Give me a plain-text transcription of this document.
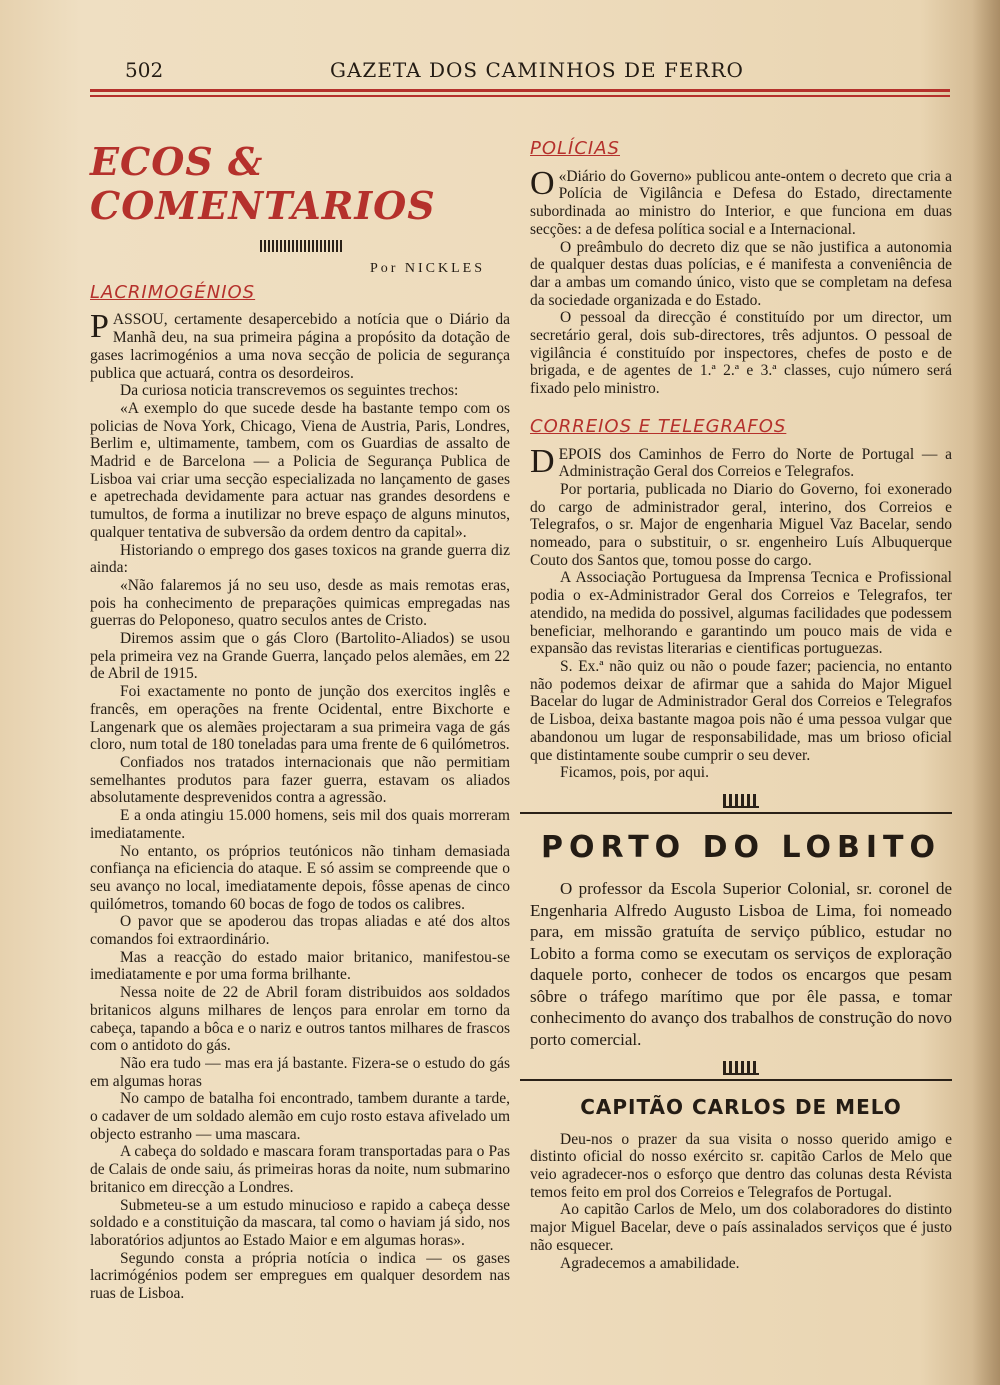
502	GAZETA DOS CAMINHOS DE FERRO
ECOS & COMENTARIOS
Por NICKLES
LACRIMOGÉNIOS

PASSOU, certamente desapercebido a notícia que o Diário da Manhã deu, na sua primeira página a propósito da dotação de gases lacrimogénios a uma nova secção de policia de segurança publica que actuará, contra os desordeiros.

Da curiosa noticia transcrevemos os seguintes trechos:

«A exemplo do que sucede desde ha bastante tempo com os policias de Nova York, Chicago, Viena de Austria, Paris, Londres, Berlim e, ultimamente, tambem, com os Guardias de assalto de Madrid e de Barcelona — a Policia de Segurança Publica de Lisboa vai criar uma secção especializada no lançamento de gases e apetrechada devidamente para actuar nas grandes desordens e tumultos, de forma a inutilizar no breve espaço de alguns minutos, qualquer tentativa de subversão da ordem dentro da capital».

Historiando o emprego dos gases toxicos na grande guerra diz ainda:

«Não falaremos já no seu uso, desde as mais remotas eras, pois ha conhecimento de preparações quimicas empregadas nas guerras do Peloponeso, quatro seculos antes de Cristo.

Diremos assim que o gás Cloro (Bartolito-Aliados) se usou pela primeira vez na Grande Guerra, lançado pelos alemães, em 22 de Abril de 1915.

Foi exactamente no ponto de junção dos exercitos inglês e francês, em operações na frente Ocidental, entre Bixchorte e Langenark que os alemães projectaram a sua primeira vaga de gás cloro, num total de 180 toneladas para uma frente de 6 quilómetros.

Confiados nos tratados internacionais que não permitiam semelhantes produtos para fazer guerra, estavam os aliados absolutamente desprevenidos contra a agressão.

E a onda atingiu 15.000 homens, seis mil dos quais morreram imediatamente.

No entanto, os próprios teutónicos não tinham demasiada confiança na eficiencia do ataque. E só assim se compreende que o seu avanço no local, imediatamente depois, fôsse apenas de cinco quilómetros, tomando 60 bocas de fogo de todos os calibres.

O pavor que se apoderou das tropas aliadas e até dos altos comandos foi extraordinário.

Mas a reacção do estado maior britanico, manifestou-se imediatamente e por uma forma brilhante.

Nessa noite de 22 de Abril foram distribuidos aos soldados britanicos alguns milhares de lenços para enrolar em torno da cabeça, tapando a bôca e o nariz e outros tantos milhares de frascos com o antidoto do gás.

Não era tudo — mas era já bastante. Fizera-se o estudo do gás em algumas horas

No campo de batalha foi encontrado, tambem durante a tarde, o cadaver de um soldado alemão em cujo rosto estava afivelado um objecto estranho — uma mascara.

A cabeça do soldado e mascara foram transportadas para o Pas de Calais de onde saiu, ás primeiras horas da noite, num submarino britanico em direcção a Londres.

Submeteu-se a um estudo minucioso e rapido a cabeça desse soldado e a constituição da mascara, tal como o haviam já sido, nos laboratórios adjuntos ao Estado Maior e em algumas horas».

Segundo consta a própria notícia o indica — os gases lacrimógénios podem ser empregues em qualquer desordem nas ruas de Lisboa.

POLÍCIAS

O «Diário do Governo» publicou ante-ontem o decreto que cria a Polícia de Vigilância e Defesa do Estado, directamente subordinada ao ministro do Interior, e que funciona em duas secções: a de defesa política social e a Internacional.

O preâmbulo do decreto diz que se não justifica a autonomia de qualquer destas duas polícias, e é manifesta a conveniência de dar a ambas um comando único, visto que se completam na defesa da sociedade organizada e do Estado.

O pessoal da direcção é constituído por um director, um secretário geral, dois sub-directores, três adjuntos. O pessoal de vigilância é constituído por inspectores, chefes de posto e de brigada, e de agentes de 1.ª 2.ª e 3.ª classes, cujo número será fixado pelo ministro.

CORREIOS E TELEGRAFOS

DEPOIS dos Caminhos de Ferro do Norte de Portugal — a Administração Geral dos Correios e Telegrafos.

Por portaria, publicada no Diario do Governo, foi exonerado do cargo de administrador geral, interino, dos Correios e Telegrafos, o sr. Major de engenharia Miguel Vaz Bacelar, sendo nomeado, para o substituir, o sr. engenheiro Luís Albuquerque Couto dos Santos que, tomou posse do cargo.

A Associação Portuguesa da Imprensa Tecnica e Profissional podia o ex-Administrador Geral dos Correios e Telegrafos, ter atendido, na medida do possivel, algumas facilidades que podessem beneficiar, melhorando e garantindo um pouco mais de vida e expansão das revistas literarias e cientificas portuguezas.

S. Ex.ª não quiz ou não o poude fazer; paciencia, no entanto não podemos deixar de afirmar que a sahida do Major Miguel Bacelar do lugar de Administrador Geral dos Correios e Telegrafos de Lisboa, deixa bastante magoa pois não é uma pessoa vulgar que abandonou um lugar de responsabilidade, mas um brioso oficial que distintamente soube cumprir o seu dever.

Ficamos, pois, por aqui.

PORTO DO LOBITO

O professor da Escola Superior Colonial, sr. coronel de Engenharia Alfredo Augusto Lisboa de Lima, foi nomeado para, em missão gratuíta de serviço público, estudar no Lobito a forma como se executam os serviços de exploração daquele porto, conhecer de todos os encargos que pesam sôbre o tráfego marítimo que por êle passa, e tomar conhecimento do avanço dos trabalhos de construção do novo porto comercial.

CAPITÃO CARLOS DE MELO

Deu-nos o prazer da sua visita o nosso querido amigo e distinto oficial do nosso exército sr. capitão Carlos de Melo que veio agradecer-nos o esforço que dentro das colunas desta Révista temos feito em prol dos Correios e Telegrafos de Portugal.

Ao capitão Carlos de Melo, um dos colaboradores do distinto major Miguel Bacelar, deve o país assinalados serviços que é justo não esquecer.

Agradecemos a amabilidade.
